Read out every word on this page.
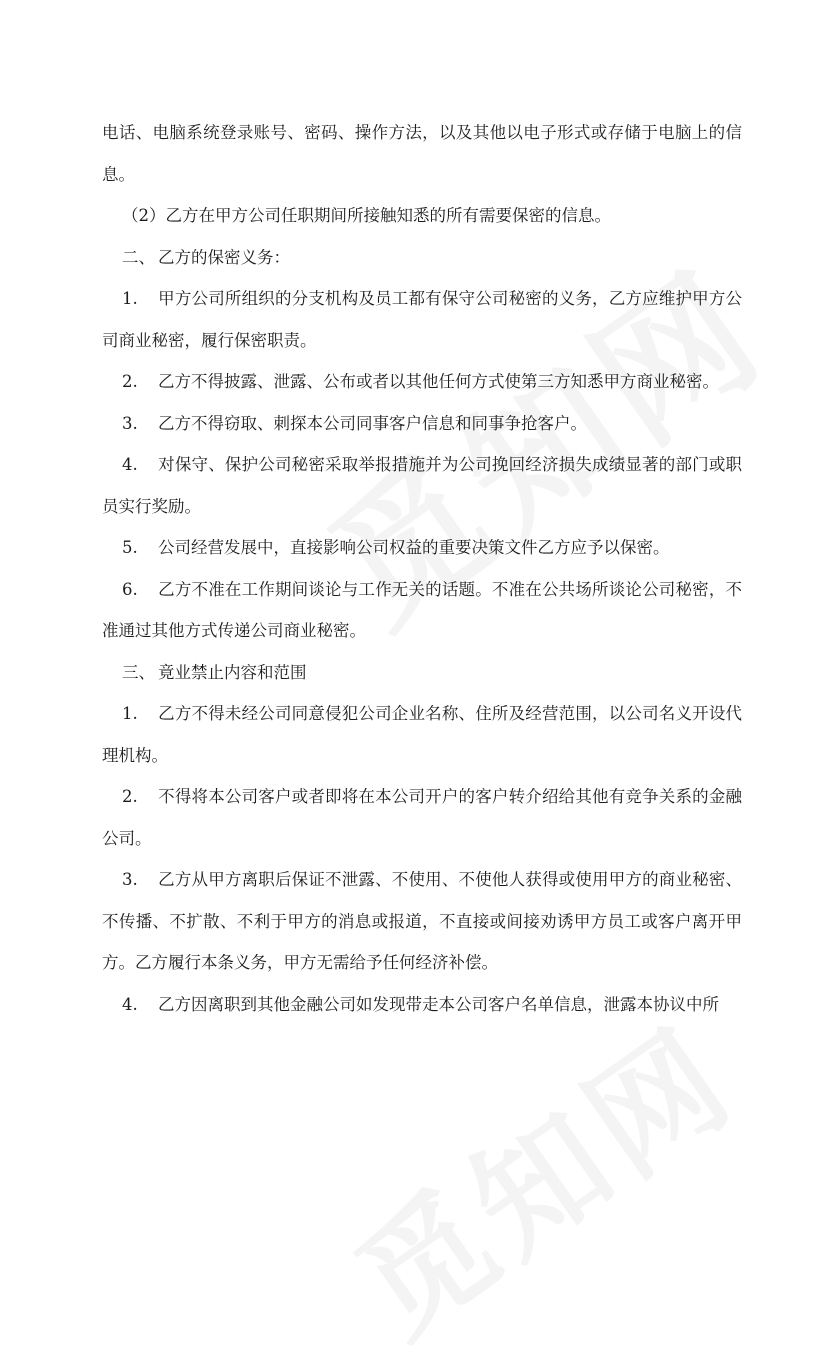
电话、电脑系统登录账号、密码、操作方法，以及其他以电子形式或存储于电脑上的信息。

（2）乙方在甲方公司任职期间所接触知悉的所有需要保密的信息。

二、 乙方的保密义务：

1. 甲方公司所组织的分支机构及员工都有保守公司秘密的义务，乙方应维护甲方公司商业秘密，履行保密职责。

2. 乙方不得披露、泄露、公布或者以其他任何方式使第三方知悉甲方商业秘密。

3. 乙方不得窃取、刺探本公司同事客户信息和同事争抢客户。

4. 对保守、保护公司秘密采取举报措施并为公司挽回经济损失成绩显著的部门或职员实行奖励。

5. 公司经营发展中，直接影响公司权益的重要决策文件乙方应予以保密。

6. 乙方不准在工作期间谈论与工作无关的话题。不准在公共场所谈论公司秘密，不准通过其他方式传递公司商业秘密。

三、 竟业禁止内容和范围

1. 乙方不得未经公司同意侵犯公司企业名称、住所及经营范围，以公司名义开设代理机构。

2. 不得将本公司客户或者即将在本公司开户的客户转介绍给其他有竞争关系的金融公司。

3. 乙方从甲方离职后保证不泄露、不使用、不使他人获得或使用甲方的商业秘密、不传播、不扩散、不利于甲方的消息或报道，不直接或间接劝诱甲方员工或客户离开甲方。乙方履行本条义务，甲方无需给予任何经济补偿。

4. 乙方因离职到其他金融公司如发现带走本公司客户名单信息，泄露本协议中所
